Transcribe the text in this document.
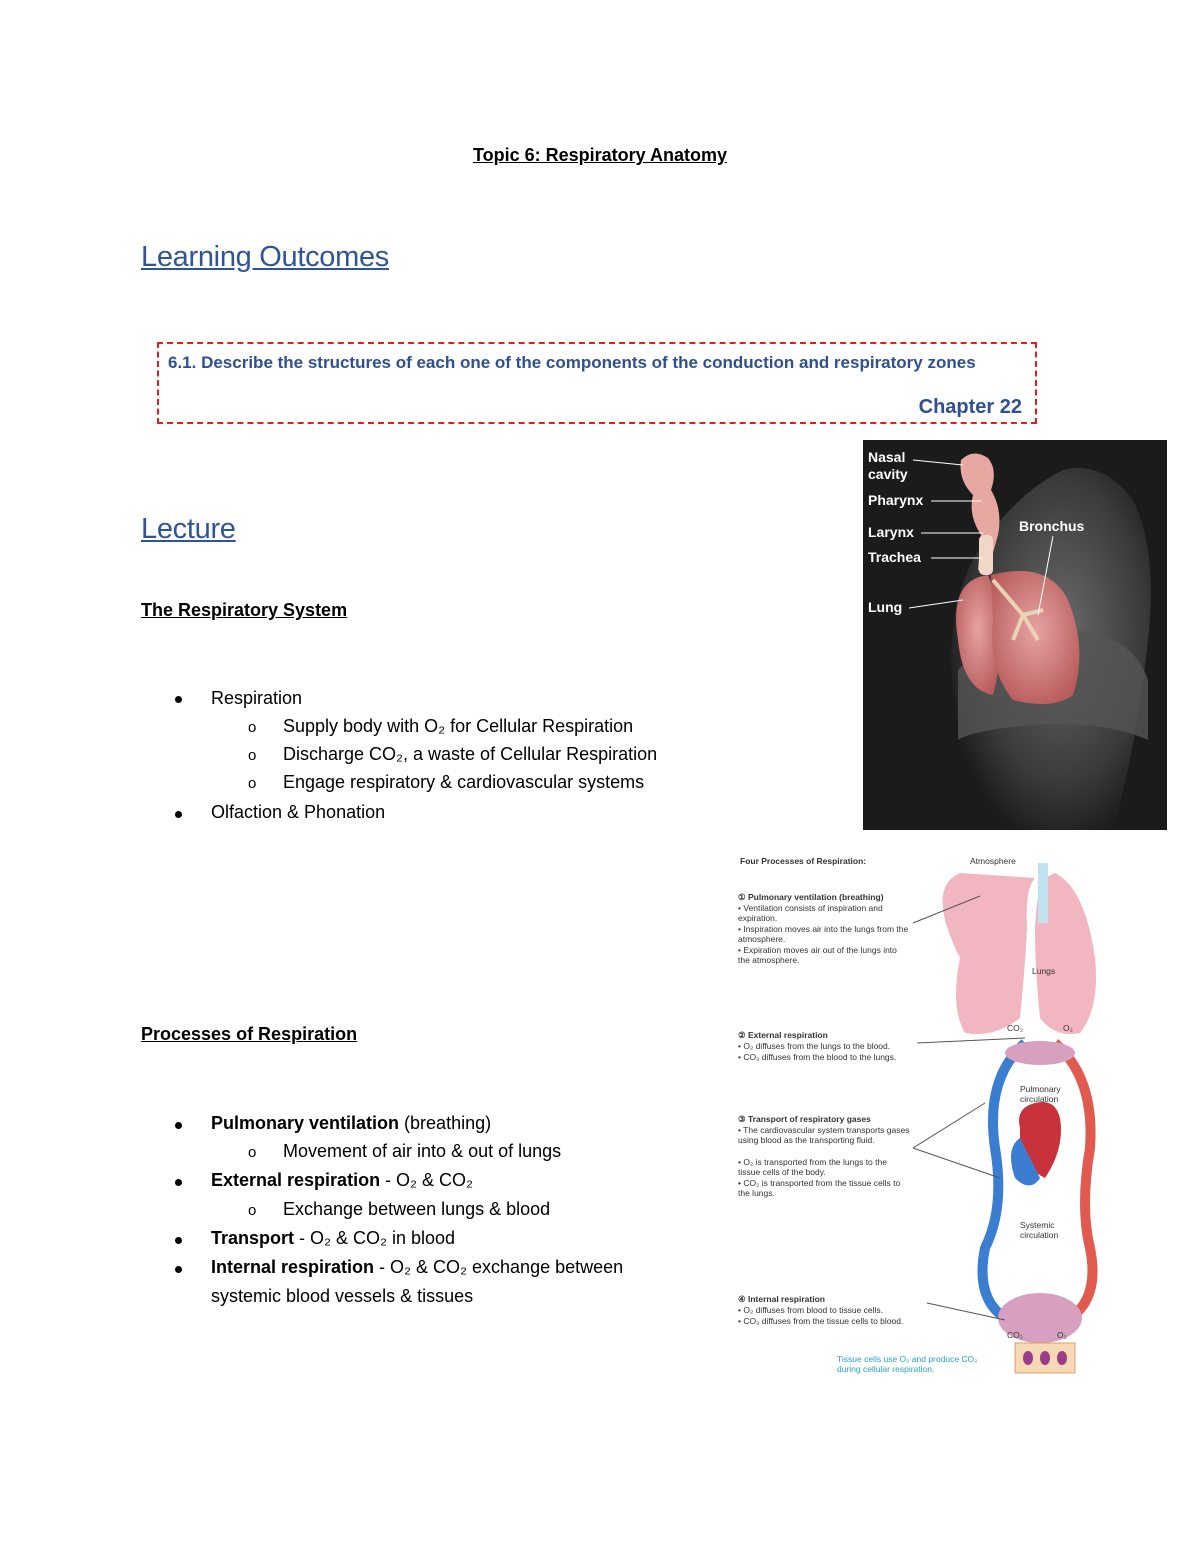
Topic 6: Respiratory Anatomy
Learning Outcomes
6.1. Describe the structures of each one of the components of the conduction and respiratory zones
Chapter 22
Lecture
The Respiratory System
Respiration
o Supply body with O₂ for Cellular Respiration
o Discharge CO₂, a waste of Cellular Respiration
o Engage respiratory & cardiovascular systems
Olfaction & Phonation
Processes of Respiration
Pulmonary ventilation (breathing)
o Movement of air into & out of lungs
External respiration - O₂ & CO₂
o Exchange between lungs & blood
Transport - O₂ & CO₂ in blood
Internal respiration - O₂ & CO₂ exchange between
systemic blood vessels & tissues
Nasal
cavity
Pharynx
Larynx
Trachea
Lung
Bronchus
Four Processes of Respiration:	Atmosphere
Lungs
Pulmonary circulation
Systemic circulation
CO₂	O₂
CO₂	O₂
① Pulmonary ventilation (breathing)
• Ventilation consists of inspiration and expiration.
• Inspiration moves air into the lungs from the atmosphere.
• Expiration moves air out of the lungs into the atmosphere.
② External respiration
• O₂ diffuses from the lungs to the blood.
• CO₂ diffuses from the blood to the lungs.
③ Transport of respiratory gases
• The cardiovascular system transports gases using blood as the transporting fluid.
• O₂ is transported from the lungs to the tissue cells of the body.
• CO₂ is transported from the tissue cells to the lungs.
④ Internal respiration
• O₂ diffuses from blood to tissue cells.
• CO₂ diffuses from the tissue cells to blood.
Tissue cells use O₂ and produce CO₂ during cellular respiration.
